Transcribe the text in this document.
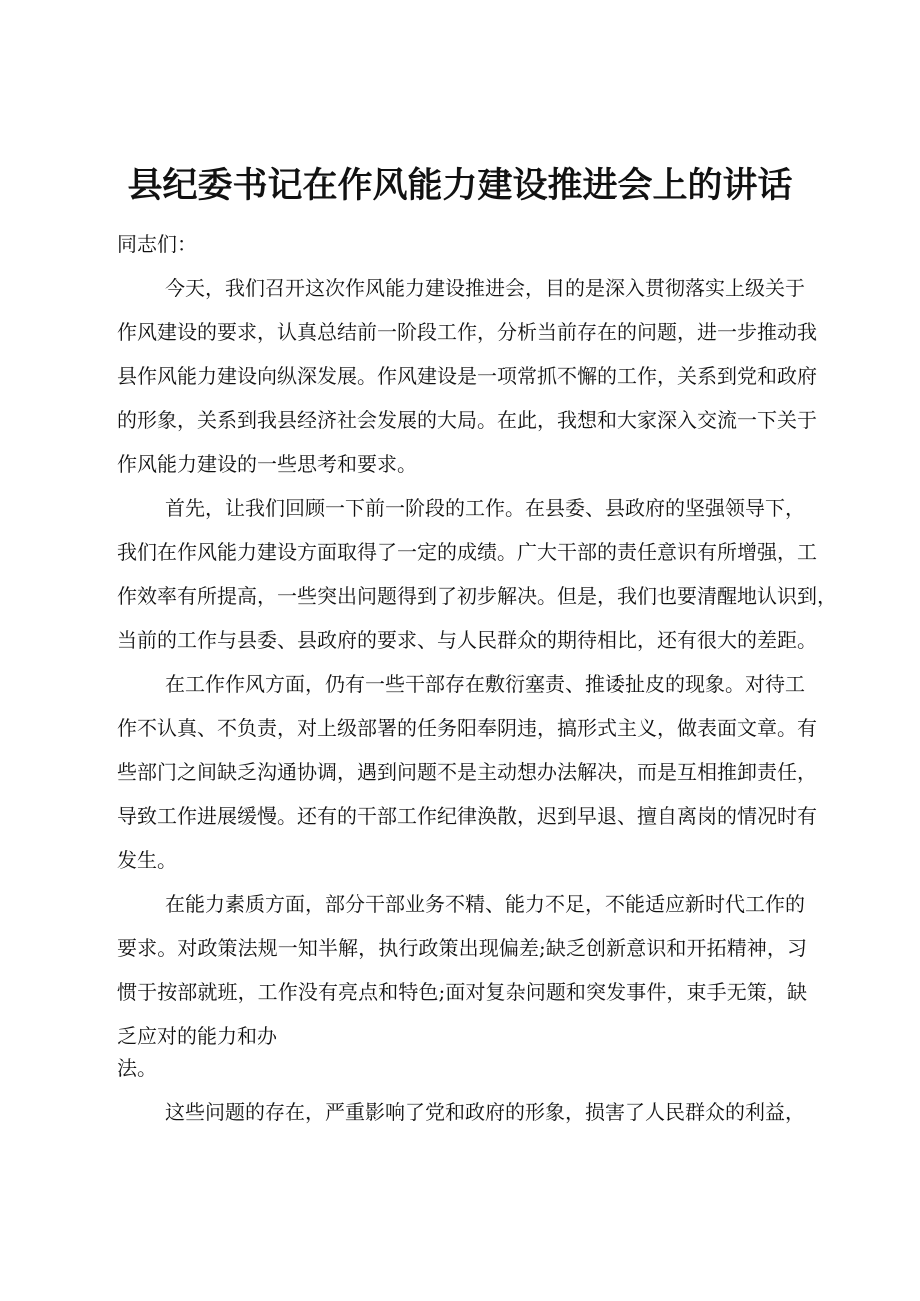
县纪委书记在作风能力建设推进会上的讲话
同志们：
今天，我们召开这次作风能力建设推进会，目的是深入贯彻落实上级关于
作风建设的要求，认真总结前一阶段工作，分析当前存在的问题，进一步推动我
县作风能力建设向纵深发展。作风建设是一项常抓不懈的工作，关系到党和政府
的形象，关系到我县经济社会发展的大局。在此，我想和大家深入交流一下关于
作风能力建设的一些思考和要求。
首先，让我们回顾一下前一阶段的工作。在县委、县政府的坚强领导下，
我们在作风能力建设方面取得了一定的成绩。广大干部的责任意识有所增强，工
作效率有所提高，一些突出问题得到了初步解决。但是，我们也要清醒地认识到，
当前的工作与县委、县政府的要求、与人民群众的期待相比，还有很大的差距。
在工作作风方面，仍有一些干部存在敷衍塞责、推诿扯皮的现象。对待工
作不认真、不负责，对上级部署的任务阳奉阴违，搞形式主义，做表面文章。有
些部门之间缺乏沟通协调，遇到问题不是主动想办法解决，而是互相推卸责任，
导致工作进展缓慢。还有的干部工作纪律涣散，迟到早退、擅自离岗的情况时有
发生。
在能力素质方面，部分干部业务不精、能力不足，不能适应新时代工作的
要求。对政策法规一知半解，执行政策出现偏差;缺乏创新意识和开拓精神，习
惯于按部就班，工作没有亮点和特色;面对复杂问题和突发事件，束手无策，缺
乏应对的能力和办
法。
这些问题的存在，严重影响了党和政府的形象，损害了人民群众的利益，
